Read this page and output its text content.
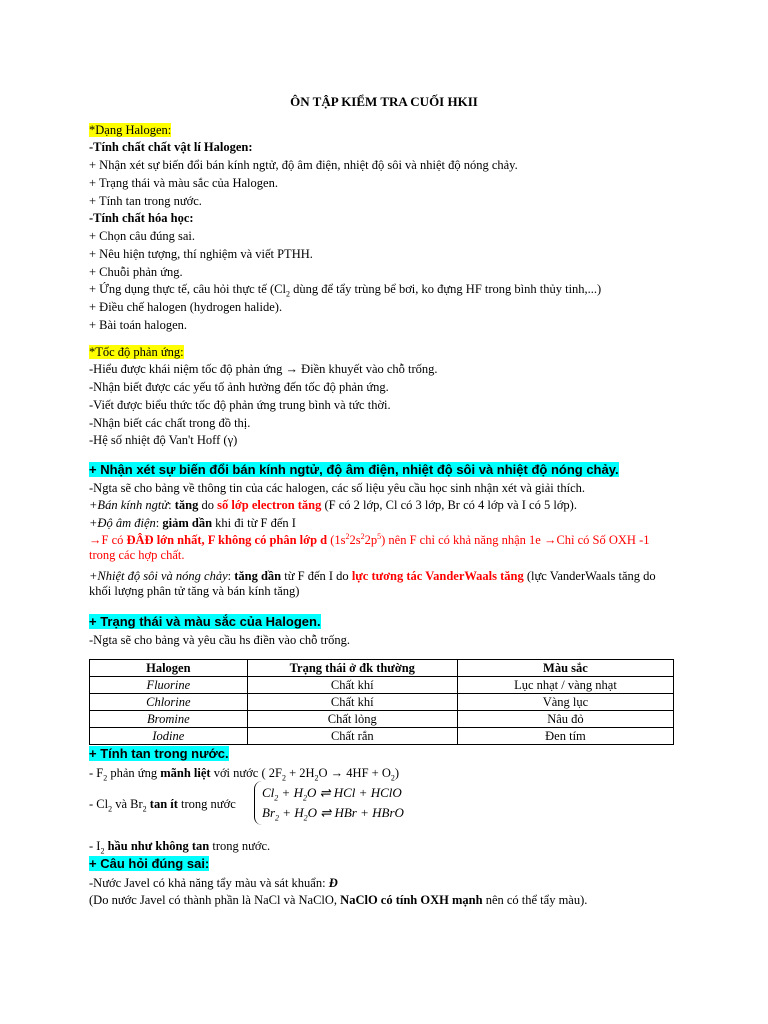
ÔN TẬP KIỂM TRA CUỐI HKII
*Dạng Halogen:
-Tính chất chất vật lí Halogen:
+ Nhận xét sự biến đổi bán kính ngtử, độ âm điện, nhiệt độ sôi và nhiệt độ nóng chảy.
+ Trạng thái và màu sắc của Halogen.
+ Tính tan trong nước.
-Tính chất hóa học:
+ Chọn câu đúng sai.
+ Nêu hiện tượng, thí nghiệm và viết PTHH.
+ Chuỗi phản ứng.
+ Ứng dụng thực tế, câu hỏi thực tế ($Cl_2$ dùng để tẩy trùng bể bơi, ko đựng HF trong bình thủy tinh,...)
+ Điều chế halogen (hydrogen halide).
+ Bài toán halogen.
*Tốc độ phản ứng:
-Hiểu được khái niệm tốc độ phản ứng → Điền khuyết vào chỗ trống.
-Nhận biết được các yếu tố ảnh hưởng đến tốc độ phản ứng.
-Viết được biểu thức tốc độ phản ứng trung bình và tức thời.
-Nhận biết các chất trong đồ thị.
-Hệ số nhiệt độ Van't Hoff (γ)
+ Nhận xét sự biến đổi bán kính ngtử, độ âm điện, nhiệt độ sôi và nhiệt độ nóng chảy.
-Ngta sẽ cho bảng về thông tin của các halogen, các số liệu yêu cầu học sinh nhận xét và giải thích.
+Bán kính ngtử: tăng do số lớp electron tăng (F có 2 lớp, Cl có 3 lớp, Br có 4 lớp và I có 5 lớp).
+Độ âm điện: giảm dần khi đi từ F đến I
→F có ĐÂĐ lớn nhất, F không có phân lớp d $(1s^22s^22p^5)$ nên F chỉ có khả năng nhận 1e →Chỉ có Số OXH -1 trong các hợp chất.
+Nhiệt độ sôi và nóng chảy: tăng dần từ F đến I do lực tương tác VanderWaals tăng (lực VanderWaals tăng do khối lượng phân tử tăng và bán kính tăng)
+ Trạng thái và màu sắc của Halogen.
-Ngta sẽ cho bảng và yêu cầu hs điền vào chỗ trống.
Halogen	Trạng thái ở đk thường	Màu sắc
Fluorine	Chất khí	Lục nhạt / vàng nhạt
Chlorine	Chất khí	Vàng lục
Bromine	Chất lỏng	Nâu đỏ
Iodine	Chất rắn	Đen tím
+ Tính tan trong nước.
- $F_2$ phản ứng mãnh liệt với nước ( $2F_2 + 2H_2O \to 4HF + O_2$)
- $Cl_2$ và $Br_2$ tan ít trong nước
$Cl_2 + H_2O$ ⇌ HCl + HClO
$Br_2 + H_2O$ ⇌ HBr + HBrO
- $I_2$ hầu như không tan trong nước.
+ Câu hỏi đúng sai:
-Nước Javel có khả năng tẩy màu và sát khuẩn: Đ
(Do nước Javel có thành phần là NaCl và NaClO, NaClO có tính OXH mạnh nên có thể tẩy màu).
